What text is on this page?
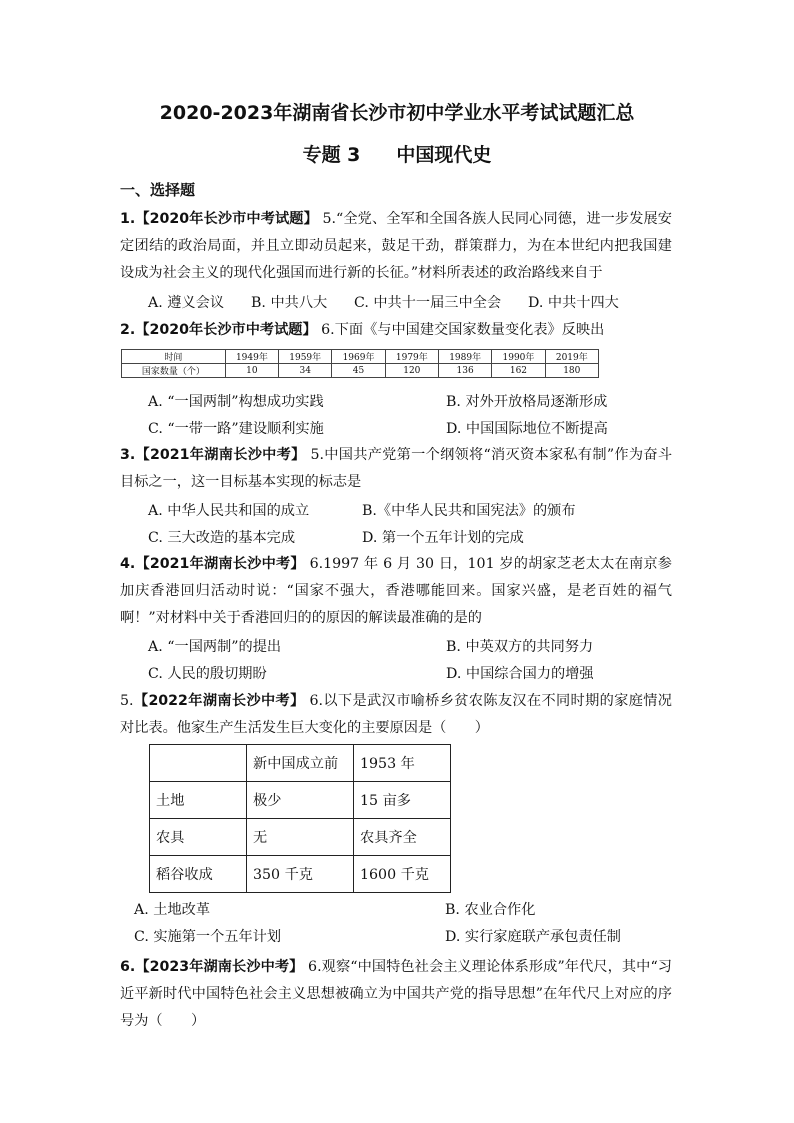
2020-2023年湖南省长沙市初中学业水平考试试题汇总
专题 3 中国现代史
一、选择题
1.【2020年长沙市中考试题】 5.“全党、全军和全国各族人民同心同德，进一步发展安定团结的政治局面，并且立即动员起来，鼓足干劲，群策群力，为在本世纪内把我国建设成为社会主义的现代化强国而进行新的长征。”材料所表述的政治路线来自于
A. 遵义会议 B. 中共八大 C. 中共十一届三中全会 D. 中共十四大
2.【2020年长沙市中考试题】 6.下面《与中国建交国家数量变化表》反映出
时间	1949年	1959年	1969年	1979年	1989年	1990年	2019年
国家数量（个）	10	34	45	120	136	162	180
A. “一国两制”构想成功实践	B. 对外开放格局逐渐形成
C. “一带一路”建设顺利实施	D. 中国国际地位不断提高
3.【2021年湖南长沙中考】 5.中国共产党第一个纲领将“消灭资本家私有制”作为奋斗目标之一，这一目标基本实现的标志是
A. 中华人民共和国的成立	B.《中华人民共和国宪法》的颁布
C. 三大改造的基本完成	D. 第一个五年计划的完成
4.【2021年湖南长沙中考】 6.1997 年 6 月 30 日，101 岁的胡家芝老太太在南京参加庆香港回归活动时说：“国家不强大，香港哪能回来。国家兴盛，是老百姓的福气啊！”对材料中关于香港回归的的原因的解读最准确的是的
A. “一国两制”的提出	B. 中英双方的共同努力
C. 人民的殷切期盼	D. 中国综合国力的增强
5.【2022年湖南长沙中考】 6.以下是武汉市喻桥乡贫农陈友汉在不同时期的家庭情况对比表。他家生产生活发生巨大变化的主要原因是（　　）
	新中国成立前	1953 年
土地	极少	15 亩多
农具	无	农具齐全
稻谷收成	350 千克	1600 千克
A. 土地改革	B. 农业合作化
C. 实施第一个五年计划	D. 实行家庭联产承包责任制
6.【2023年湖南长沙中考】 6.观察“中国特色社会主义理论体系形成”年代尺，其中“习近平新时代中国特色社会主义思想被确立为中国共产党的指导思想”在年代尺上对应的序号为（　　）
